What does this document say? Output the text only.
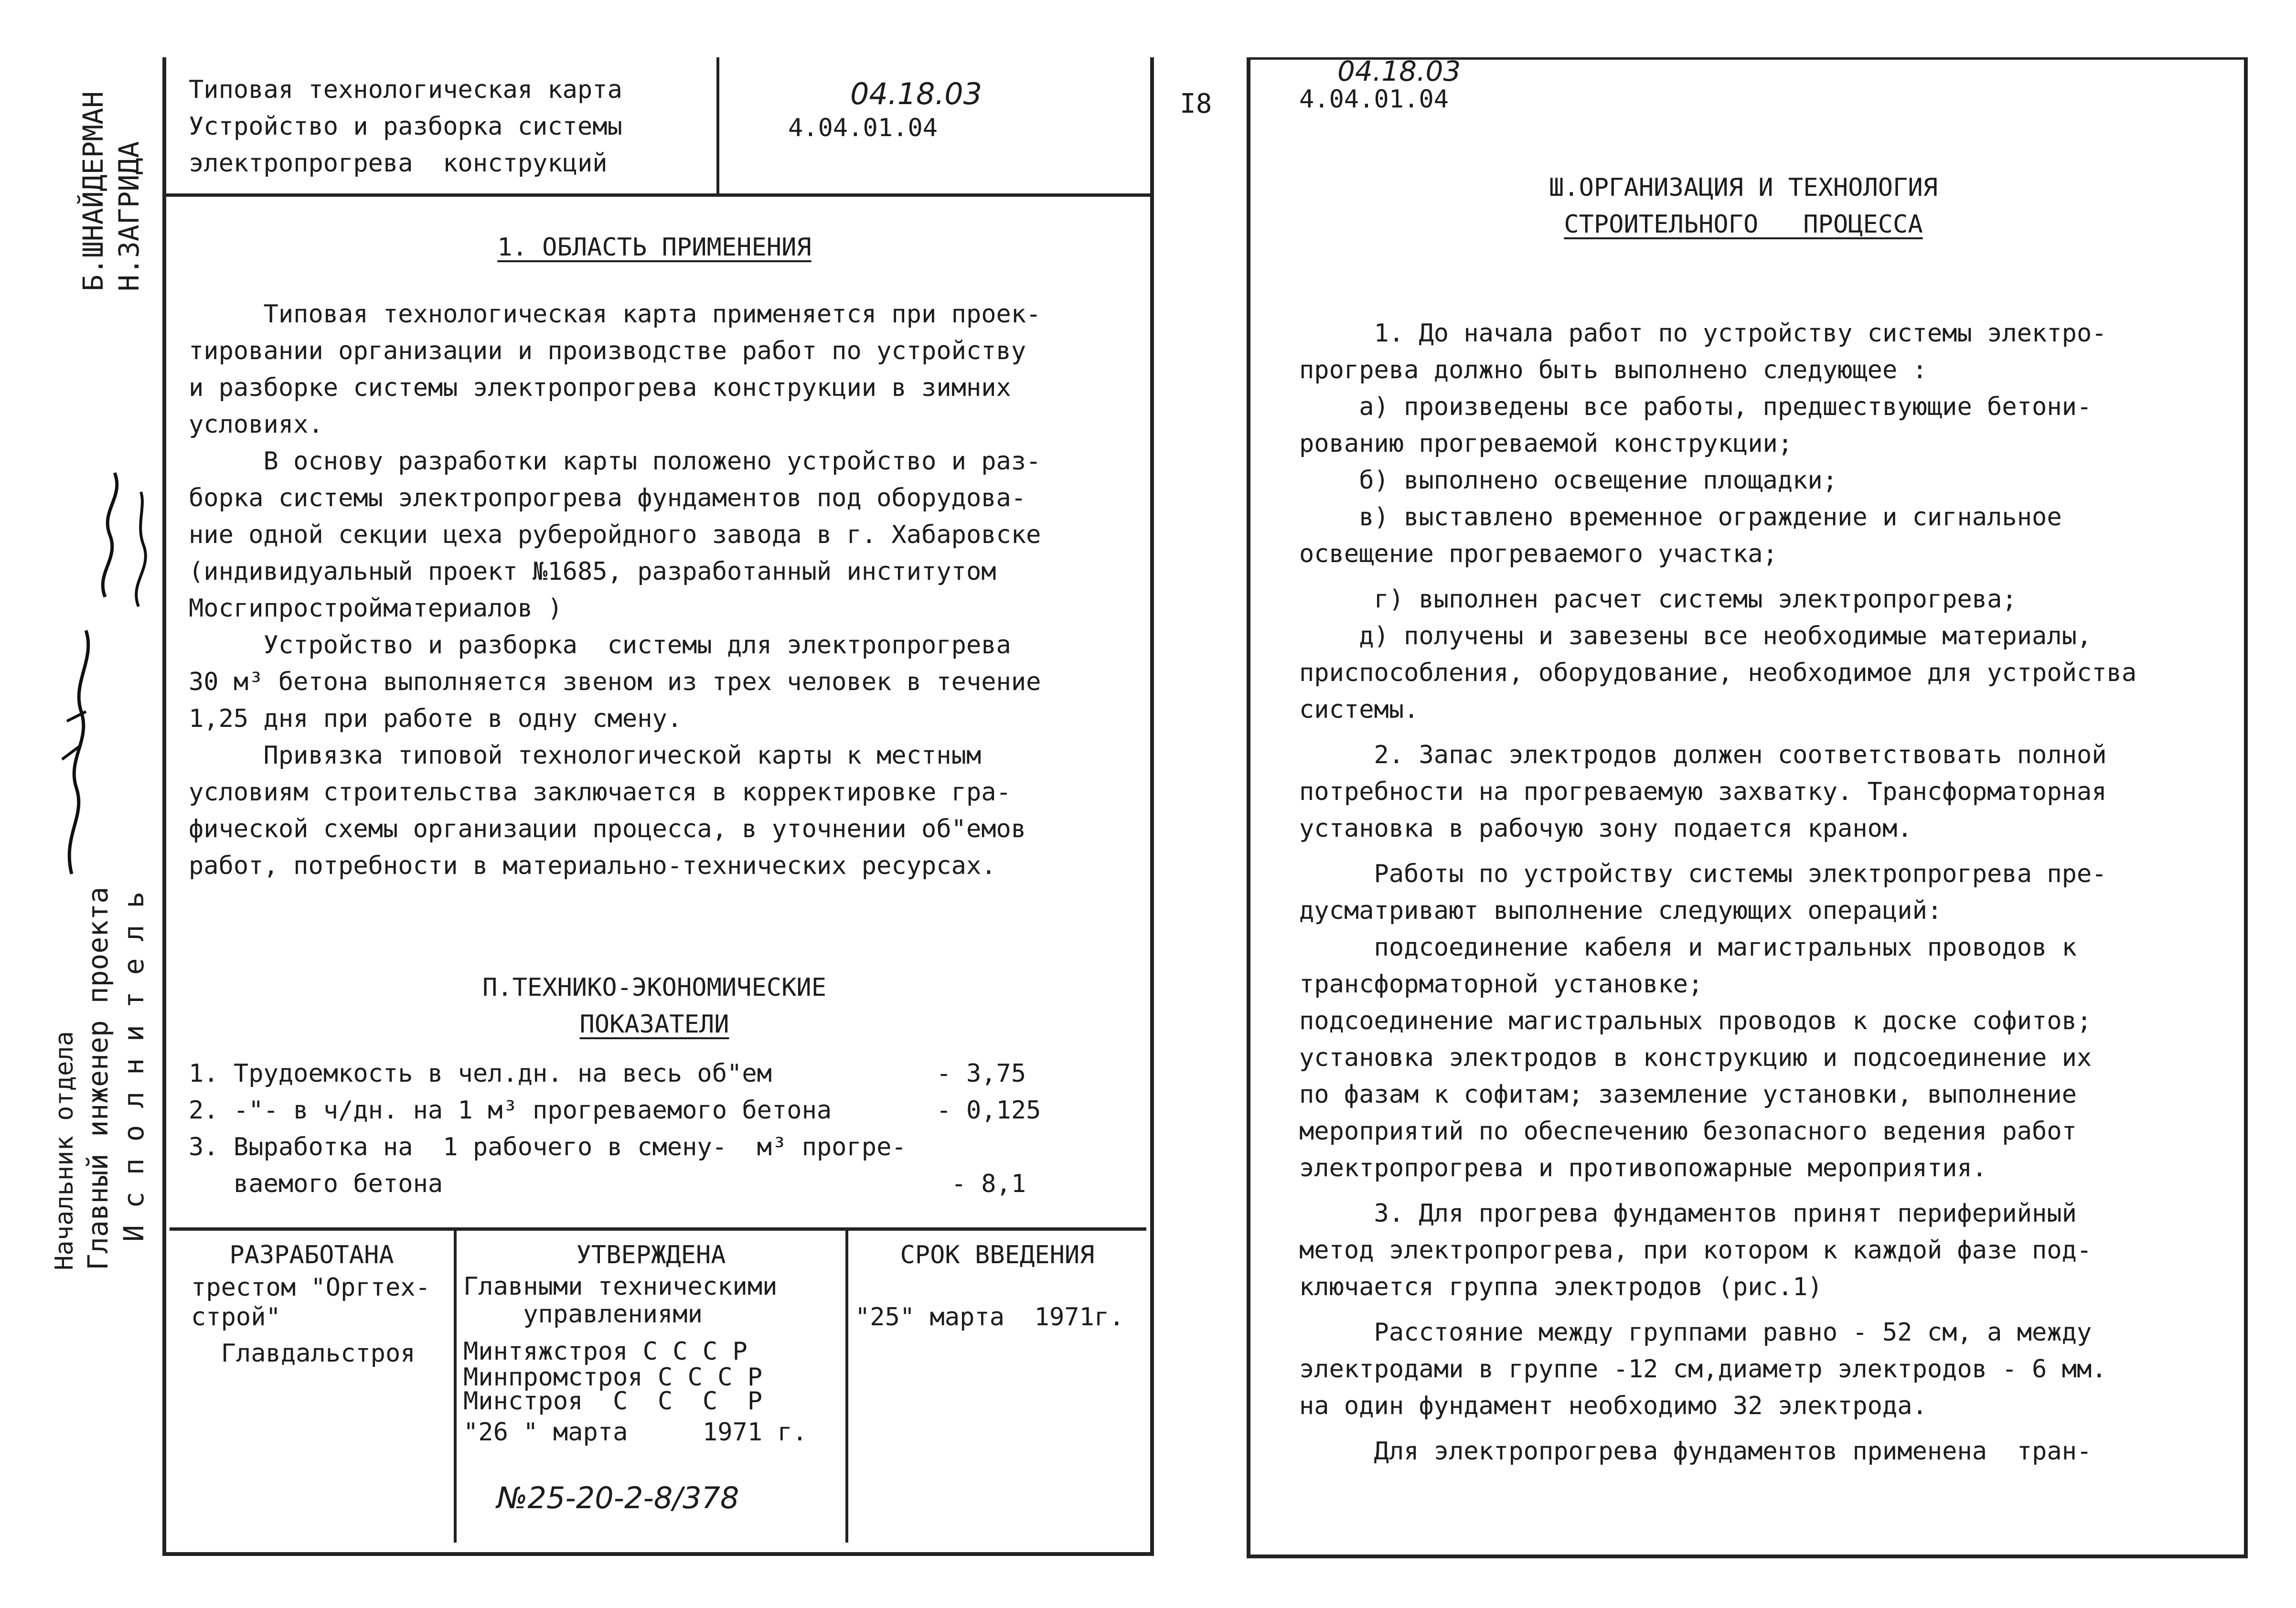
Типовая технологическая карта

Устройство и разборка системы

электропрогрева  конструкций

04.18.03
4.04.01.04
1. ОБЛАСТЬ ПРИМЕНЕНИЯ

Типовая технологическая карта применяется при проек-

тировании организации и производстве работ по устройству

и разборке системы электропрогрева конструкции в зимних

условиях.

В основу разработки карты положено устройство и раз-

борка системы электропрогрева фундаментов под оборудова-

ние одной секции цеха руберойдного завода в г. Хабаровске

(индивидуальный проект №1685, разработанный институтом

Мосгипростройматериалов )

Устройство и разборка  системы для электропрогрева

30 м³ бетона выполняется звеном из трех человек в течение

1,25 дня при работе в одну смену.

Привязка типовой технологической карты к местным

условиям строительства заключается в корректировке гра-

фической схемы организации процесса, в уточнении об"емов

работ, потребности в материально-технических ресурсах.

П.ТЕХНИКО-ЭКОНОМИЧЕСКИЕ
ПОКАЗАТЕЛИ

1. Трудоемкость в чел.дн. на весь об"ем           - 3,75

2. -"- в ч/дн. на 1 м³ прогреваемого бетона       - 0,125

3. Выработка на  1 рабочего в смену-  м³ прогре-

ваемого бетона                                  - 8,1

РАЗРАБОТАНА

трестом "Оргтех-

строй"

Главдальстроя

УТВЕРЖДЕНА

Главными техническими

управлениями

Минтяжстроя С С С Р

Минпромстроя С С С Р

Минстроя  С  С  С  Р

"26 " марта     1971 г.

№25-20-2-8/378
СРОК ВВЕДЕНИЯ
"25" марта  1971г.
Б.ШНАЙДЕРМАН Н.ЗАГРИДА
Начальник отдела Главный инженер проекта И с п о л н и т е л ь
I8
04.18.03
4.04.01.04
Ш.ОРГАНИЗАЦИЯ И ТЕХНОЛОГИЯ
СТРОИТЕЛЬНОГО   ПРОЦЕССА

1. До начала работ по устройству системы электро-

прогрева должно быть выполнено следующее :

а) произведены все работы, предшествующие бетони-

рованию прогреваемой конструкции;

б) выполнено освещение площадки;

в) выставлено временное ограждение и сигнальное

освещение прогреваемого участка;

г) выполнен расчет системы электропрогрева;

д) получены и завезены все необходимые материалы,

приспособления, оборудование, необходимое для устройства

системы.

2. Запас электродов должен соответствовать полной

потребности на прогреваемую захватку. Трансформаторная

установка в рабочую зону подается краном.

Работы по устройству системы электропрогрева пре-

дусматривают выполнение следующих операций:

подсоединение кабеля и магистральных проводов к

трансформаторной установке;

подсоединение магистральных проводов к доске софитов;

установка электродов в конструкцию и подсоединение их

по фазам к софитам; заземление установки, выполнение

мероприятий по обеспечению безопасного ведения работ

электропрогрева и противопожарные мероприятия.

3. Для прогрева фундаментов принят периферийный

метод электропрогрева, при котором к каждой фазе под-

ключается группа электродов (рис.1)

Расстояние между группами равно - 52 см, а между

электродами в группе -12 см,диаметр электродов - 6 мм.

на один фундамент необходимо 32 электрода.

Для электропрогрева фундаментов применена  тран-
